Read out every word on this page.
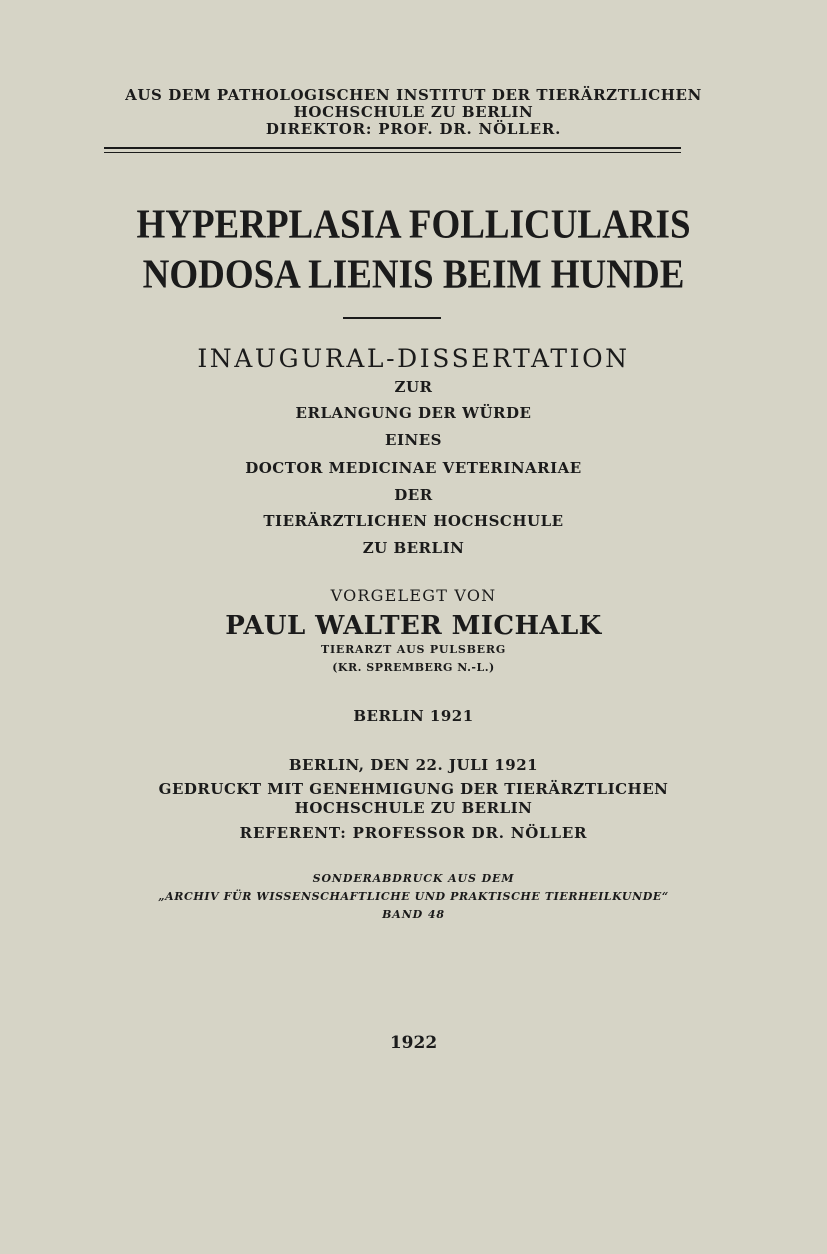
AUS DEM PATHOLOGISCHEN INSTITUT DER TIERÄRZTLICHEN
HOCHSCHULE ZU BERLIN
DIREKTOR: PROF. DR. NÖLLER.
HYPERPLASIA FOLLICULARIS
NODOSA LIENIS BEIM HUNDE
INAUGURAL-DISSERTATION
ZUR
ERLANGUNG DER WÜRDE
EINES
DOCTOR MEDICINAE VETERINARIAE
DER
TIERÄRZTLICHEN HOCHSCHULE
ZU BERLIN
VORGELEGT VON
PAUL WALTER MICHALK
TIERARZT AUS PULSBERG
(KR. SPREMBERG N.-L.)
BERLIN 1921
BERLIN, DEN 22. JULI 1921
GEDRUCKT MIT GENEHMIGUNG DER TIERÄRZTLICHEN
HOCHSCHULE ZU BERLIN
REFERENT: PROFESSOR DR. NÖLLER
SONDERABDRUCK AUS DEM
„ARCHIV FÜR WISSENSCHAFTLICHE UND PRAKTISCHE TIERHEILKUNDE“
BAND 48
1922
